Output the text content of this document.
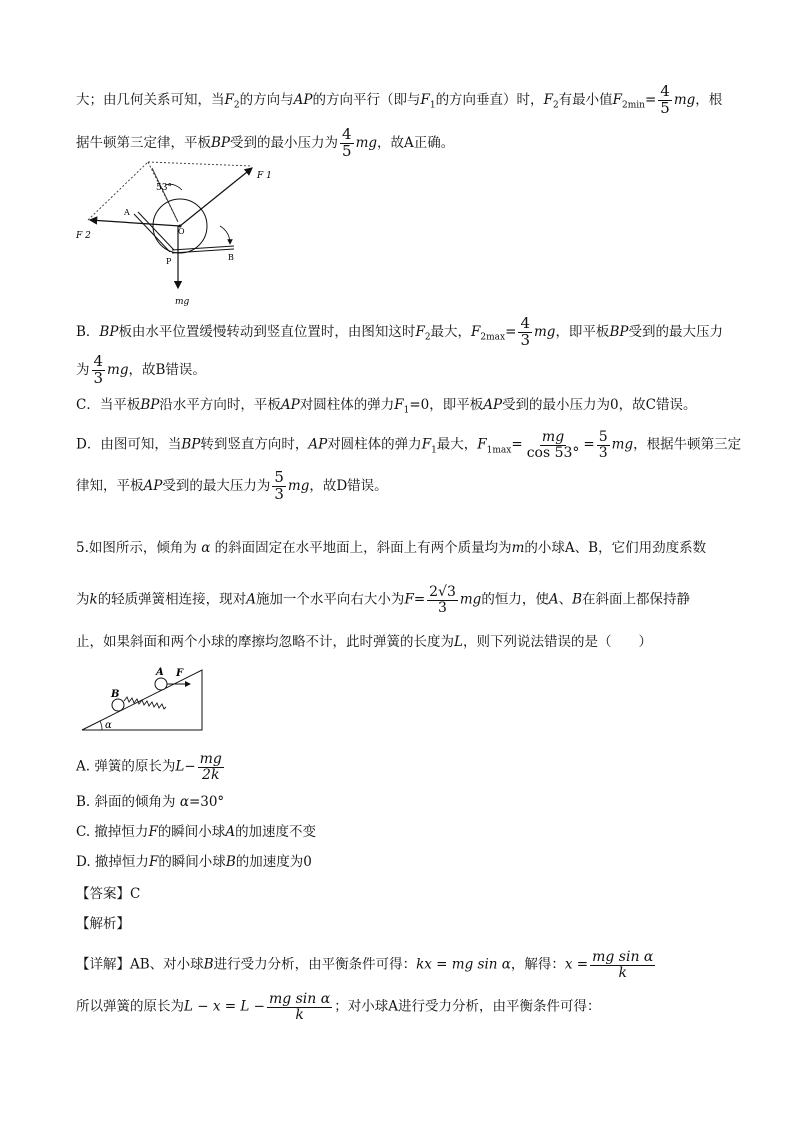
大；由几何关系可知，当$F_2$的方向与AP的方向平行（即与$F_1$的方向垂直）时，$F_2$有最小值$F_{2min}= \frac{4}{5}$ mg，根
据牛顿第三定律，平板BP受到的最小压力为 $\frac{4}{5}$ mg，故A正确。
53°
F 1
F 2
A
O
P	B
mg
B．BP板由水平位置缓慢转动到竖直位置时，由图知这时$F_2$最大，$F_{2max}= \frac{4}{3}$ mg，即平板BP受到的最大压力
为 $\frac{4}{3}$ mg，故B错误。
C．当平板BP沿水平方向时，平板AP对圆柱体的弹力$F_1=0$，即平板AP受到的最小压力为0，故C错误。
D．由图可知，当BP转到竖直方向时，AP对圆柱体的弹力$F_1$最大，$F_{1max}= \frac{mg}{\cos 53^\circ} = \frac{5}{3}$ mg，根据牛顿第三定
律知，平板AP受到的最大压力为 $\frac{5}{3}$ mg，故D错误。
5.如图所示，倾角为 α 的斜面固定在水平地面上，斜面上有两个质量均为m的小球A、B，它们用劲度系数
为k的轻质弹簧相连接，现对A施加一个水平向右大小为$F= \frac{2√3}{3}$ mg的恒力，使A、B在斜面上都保持静
止，如果斜面和两个小球的摩擦均忽略不计，此时弹簧的长度为L，则下列说法错误的是（　　）
α
B
A F
A. 弹簧的原长为$L- \frac{mg}{2k}$
B. 斜面的倾角为 α=30°
C. 撤掉恒力F的瞬间小球A的加速度不变
D. 撤掉恒力F的瞬间小球B的加速度为0
【答案】C
【解析】
【详解】AB、对小球B进行受力分析，由平衡条件可得：kx = mg sin α，解得：$x = \frac{\text{mg sin α}}{k}$
所以弹簧的原长为$L - x = L - \frac{\text{mg sin α}}{k}$ ；对小球A进行受力分析，由平衡条件可得：
